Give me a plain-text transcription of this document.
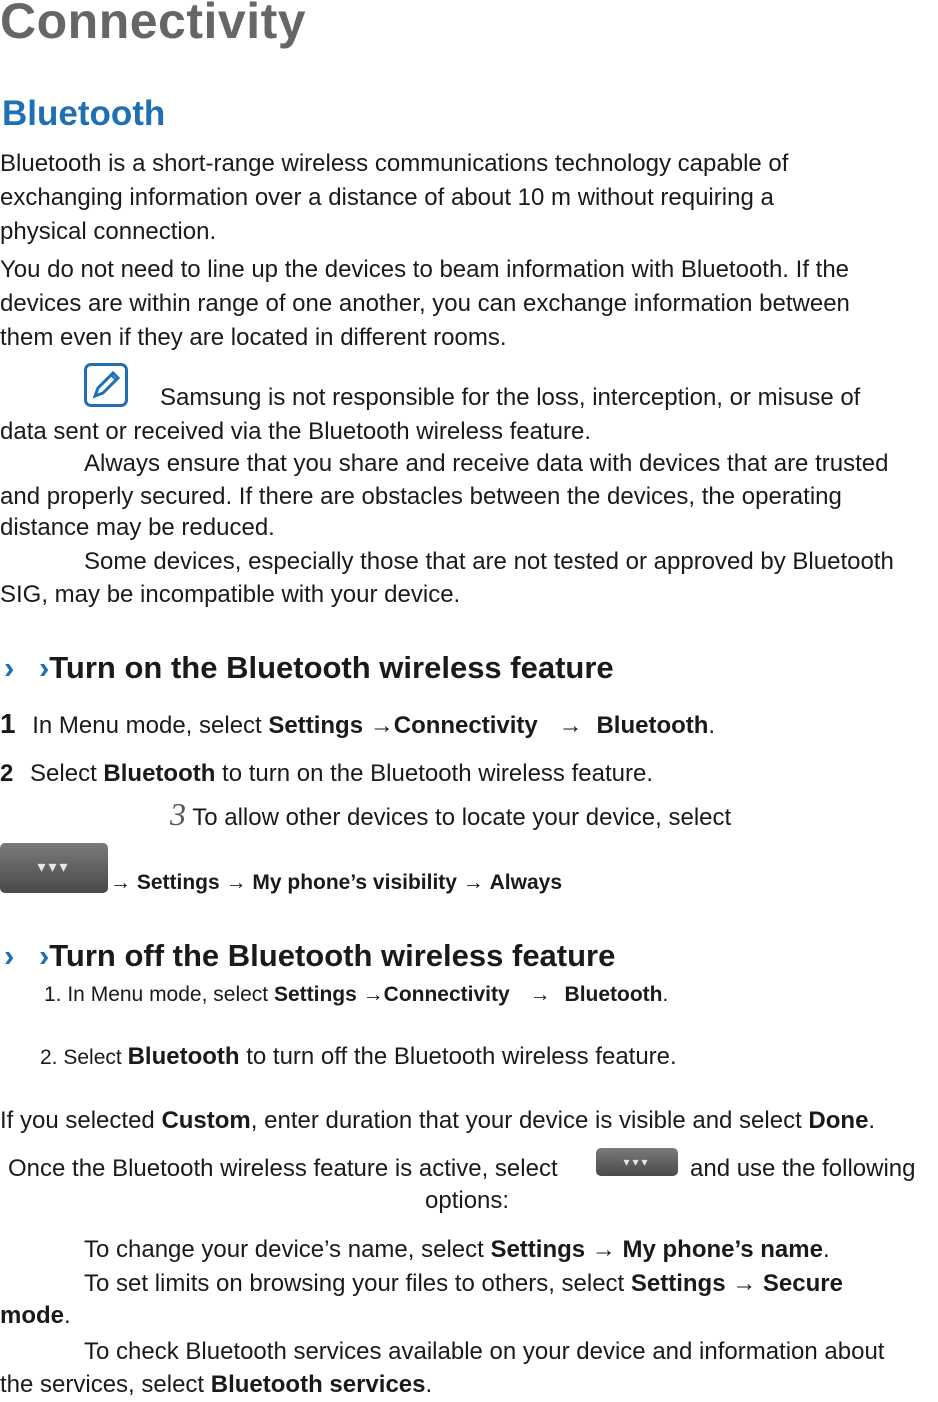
Connectivity
Bluetooth
Bluetooth is a short-range wireless communications technology capable of
exchanging information over a distance of about 10 m without requiring a
physical connection.
You do not need to line up the devices to beam information with Bluetooth. If the
devices are within range of one another, you can exchange information between
them even if they are located in different rooms.
Samsung is not responsible for the loss, interception, or misuse of
data sent or received via the Bluetooth wireless feature.
Always ensure that you share and receive data with devices that are trusted
and properly secured. If there are obstacles between the devices, the operating
distance may be reduced.
Some devices, especially those that are not tested or approved by Bluetooth
SIG, may be incompatible with your device.
› ›Turn on the Bluetooth wireless feature
1 In Menu mode, select Settings →Connectivity → Bluetooth.
2 Select Bluetooth to turn on the Bluetooth wireless feature.
3 To allow other devices to locate your device, select
▾▾▾
→ Settings → My phone’s visibility → Always
› ›Turn off the Bluetooth wireless feature
1. In Menu mode, select Settings →Connectivity → Bluetooth.
2. Select Bluetooth to turn off the Bluetooth wireless feature.
If you selected Custom, enter duration that your device is visible and select Done.
Once the Bluetooth wireless feature is active, select	▾▾▾	and use the following
options:
To change your device’s name, select Settings → My phone’s name.
To set limits on browsing your files to others, select Settings → Secure
mode.
To check Bluetooth services available on your device and information about
the services, select Bluetooth services.
